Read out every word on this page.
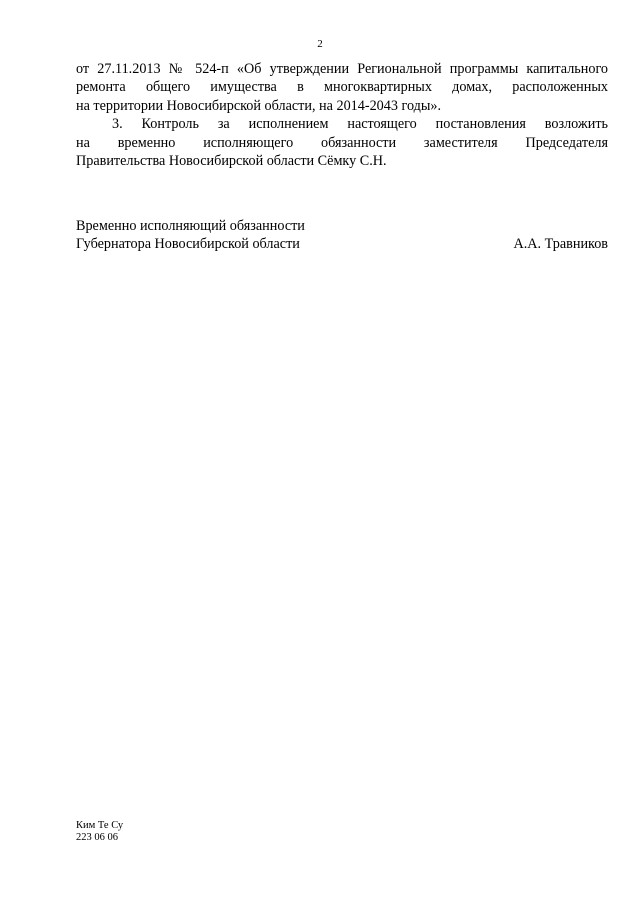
2
от 27.11.2013 № 524-п «Об утверждении Региональной программы капитального
ремонта общего имущества в многоквартирных домах, расположенных
на территории Новосибирской области, на 2014-2043 годы».
3. Контроль за исполнением настоящего постановления возложить
на временно исполняющего обязанности заместителя Председателя
Правительства Новосибирской области Сёмку С.Н.
Временно исполняющий обязанности
Губернатора Новосибирской области	А.А. Травников
Ким Те Су
223 06 06
